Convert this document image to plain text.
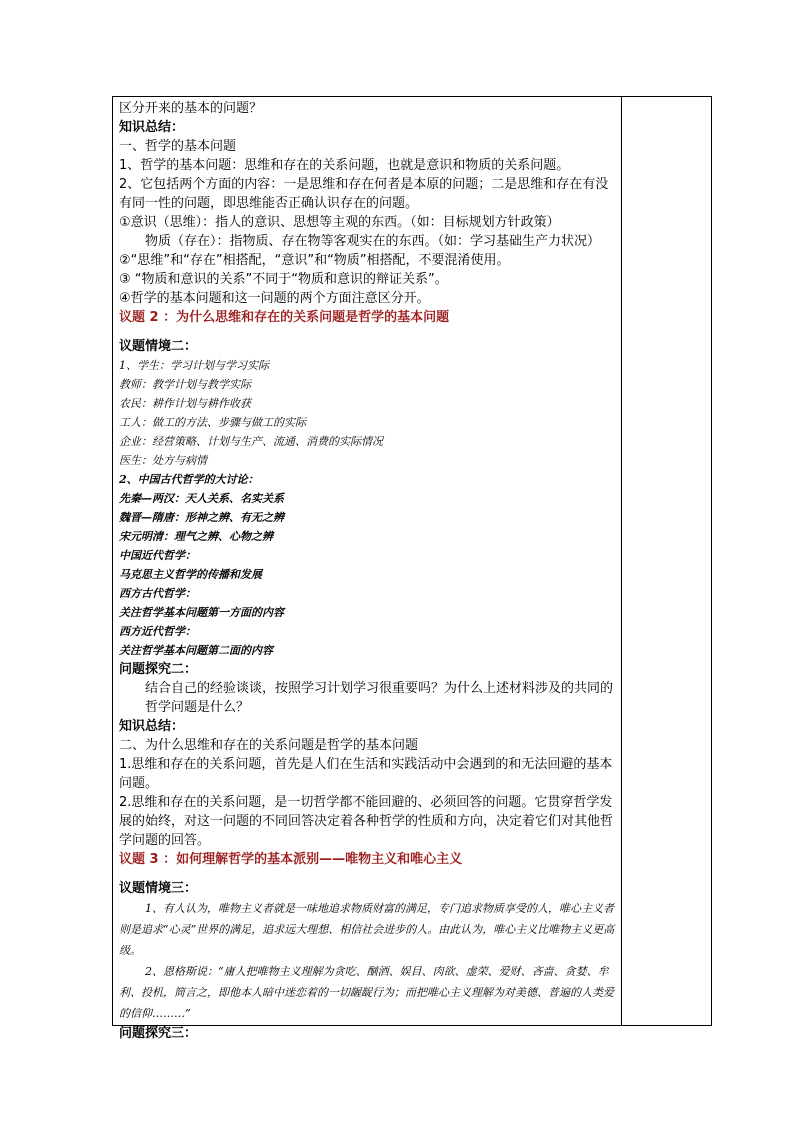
区分开来的基本的问题？
知识总结：
一、哲学的基本问题
1、哲学的基本问题：思维和存在的关系问题，也就是意识和物质的关系问题。
2、它包括两个方面的内容：一是思维和存在何者是本原的问题；二是思维和存在有没有同一性的问题，即思维能否正确认识存在的问题。
①意识（思维）：指人的意识、思想等主观的东西。（如：目标规划方针政策）
物质（存在）：指物质、存在物等客观实在的东西。（如：学习基础生产力状况）
②“思维”和“存在”相搭配，“意识”和“物质”相搭配，不要混淆使用。
③ “物质和意识的关系”不同于“物质和意识的辩证关系”。
④哲学的基本问题和这一问题的两个方面注意区分开。
议题 2 ：为什么思维和存在的关系问题是哲学的基本问题
议题情境二：
1、学生：学习计划与学习实际
教师：教学计划与教学实际
农民：耕作计划与耕作收获
工人：做工的方法、步骤与做工的实际
企业：经营策略、计划与生产、流通、消费的实际情况
医生：处方与病情
2、中国古代哲学的大讨论：
先秦—两汉：天人关系、名实关系
魏晋—隋唐：形神之辨、有无之辨
宋元明清：理气之辨、心物之辨
中国近代哲学：
马克思主义哲学的传播和发展
西方古代哲学：
关注哲学基本问题第一方面的内容
西方近代哲学：
关注哲学基本问题第二面的内容
问题探究二：
结合自己的经验谈谈，按照学习计划学习很重要吗？为什么上述材料涉及的共同的哲学问题是什么？
知识总结：
二、为什么思维和存在的关系问题是哲学的基本问题
1.思维和存在的关系问题，首先是人们在生活和实践活动中会遇到的和无法回避的基本问题。
2.思维和存在的关系问题，是一切哲学都不能回避的、必须回答的问题。它贯穿哲学发展的始终，对这一问题的不同回答决定着各种哲学的性质和方向，决定着它们对其他哲学问题的回答。
议题 3 ：如何理解哲学的基本派别——唯物主义和唯心主义
议题情境三：
1、有人认为，唯物主义者就是一味地追求物质财富的满足，专门追求物质享受的人，唯心主义者则是追求“心灵”世界的满足，追求远大理想、相信社会进步的人。由此认为，唯心主义比唯物主义更高级。
2、恩格斯说：“庸人把唯物主义理解为贪吃、酗酒、娱目、肉欲、虚荣、爱财、吝啬、贪婪、牟利、投机，简言之，即他本人暗中迷恋着的一切龌龊行为；而把唯心主义理解为对美德、普遍的人类爱的信仰………”
问题探究三：
